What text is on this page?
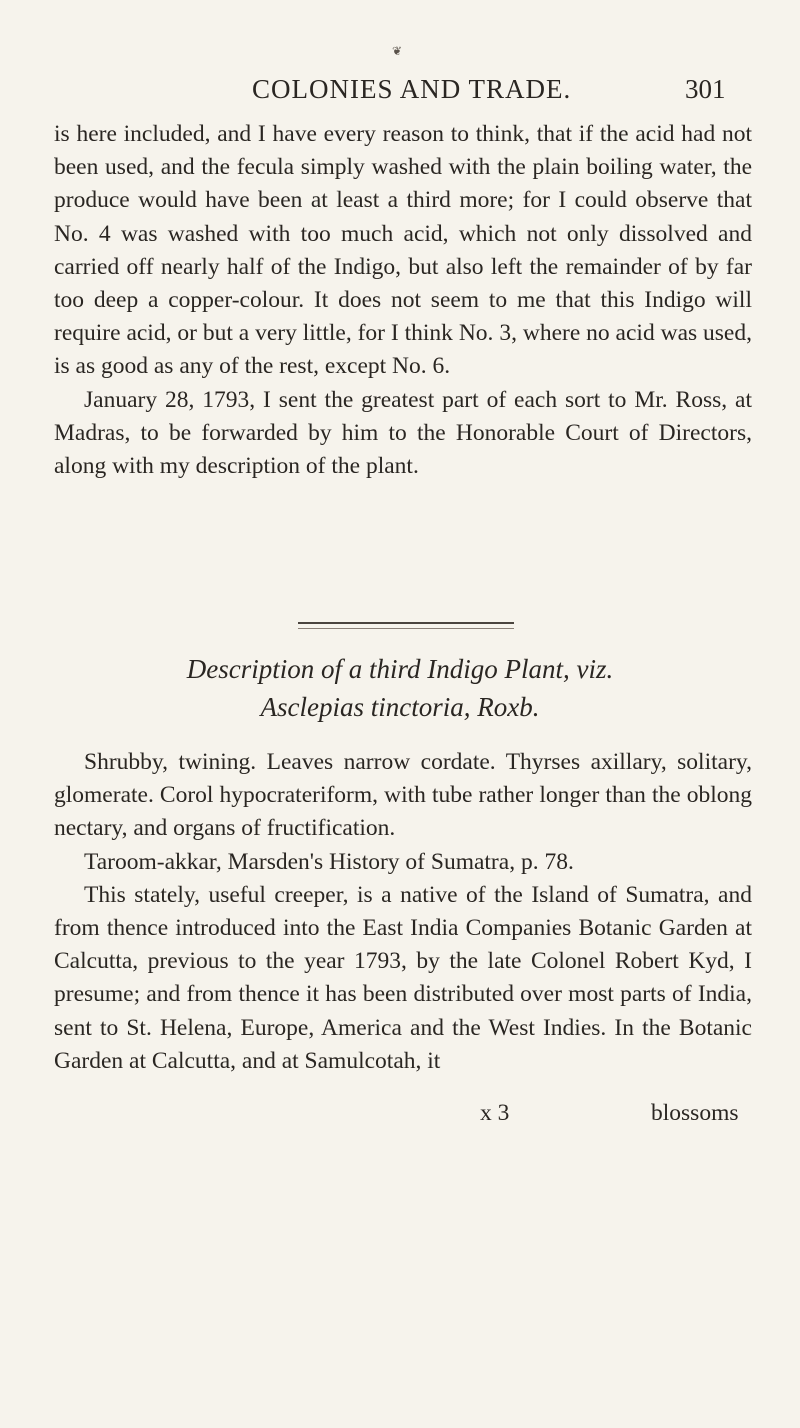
❦
COLONIES AND TRADE.	301

is here included, and I have every reason to think, that if the acid had not been used, and the fecula simply washed with the plain boiling water, the produce would have been at least a third more; for I could observe that No. 4 was washed with too much acid, which not only dissolved and carried off nearly half of the Indigo, but also left the remainder of by far too deep a copper-colour. It does not seem to me that this Indigo will require acid, or but a very little, for I think No. 3, where no acid was used, is as good as any of the rest, except No. 6.

January 28, 1793, I sent the greatest part of each sort to Mr. Ross, at Madras, to be forwarded by him to the Honorable Court of Directors, along with my description of the plant.

Description of a third Indigo Plant, viz.
Asclepias tinctoria, Roxb.

Shrubby, twining. Leaves narrow cordate. Thyrses axillary, solitary, glomerate. Corol hypocrateriform, with tube rather longer than the oblong nectary, and organs of fructification.

Taroom-akkar, Marsden's History of Sumatra, p. 78.

This stately, useful creeper, is a native of the Island of Sumatra, and from thence introduced into the East India Companies Botanic Garden at Calcutta, previous to the year 1793, by the late Colonel Robert Kyd, I presume; and from thence it has been distributed over most parts of India, sent to St. Helena, Europe, America and the West Indies. In the Botanic Garden at Calcutta, and at Samulcotah, it

x 3	blossoms
